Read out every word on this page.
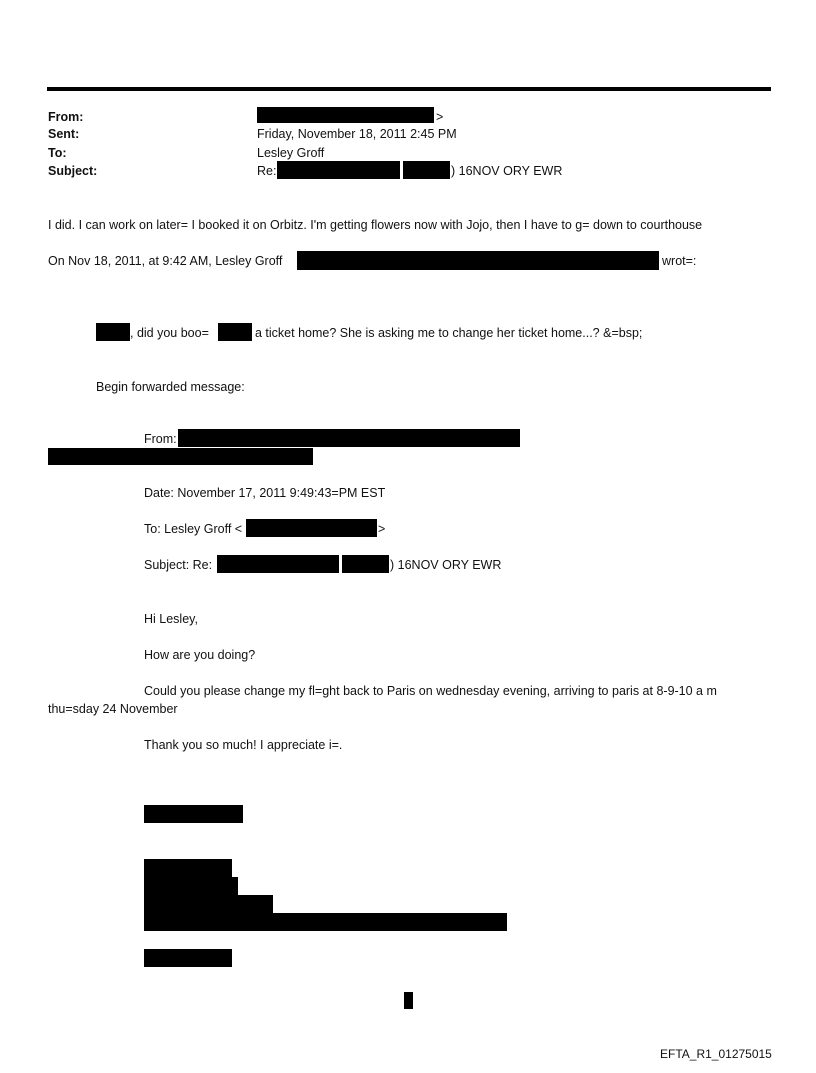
From:	>
Sent:	Friday, November 18, 2011 2:45 PM
To:	Lesley Groff
Subject:	Re:	) 16NOV ORY EWR
I did. I can work on later= I booked it on Orbitz. I'm getting flowers now with Jojo, then I have to g= down to courthouse
On Nov 18, 2011, at 9:42 AM, Lesley Groff	wrot=:
, did you boo=	a ticket home? She is asking me to change her ticket home...? &=bsp;
Begin forwarded message:
From:
Date: November 17, 2011 9:49:43=PM EST
To: Lesley Groff <	>
Subject: Re:	) 16NOV ORY EWR
Hi Lesley,
How are you doing?
Could you please change my fl=ght back to Paris on wednesday evening, arriving to paris at 8-9-10 a m
thu=sday 24 November
Thank you so much! I appreciate i=.
EFTA_R1_01275015
